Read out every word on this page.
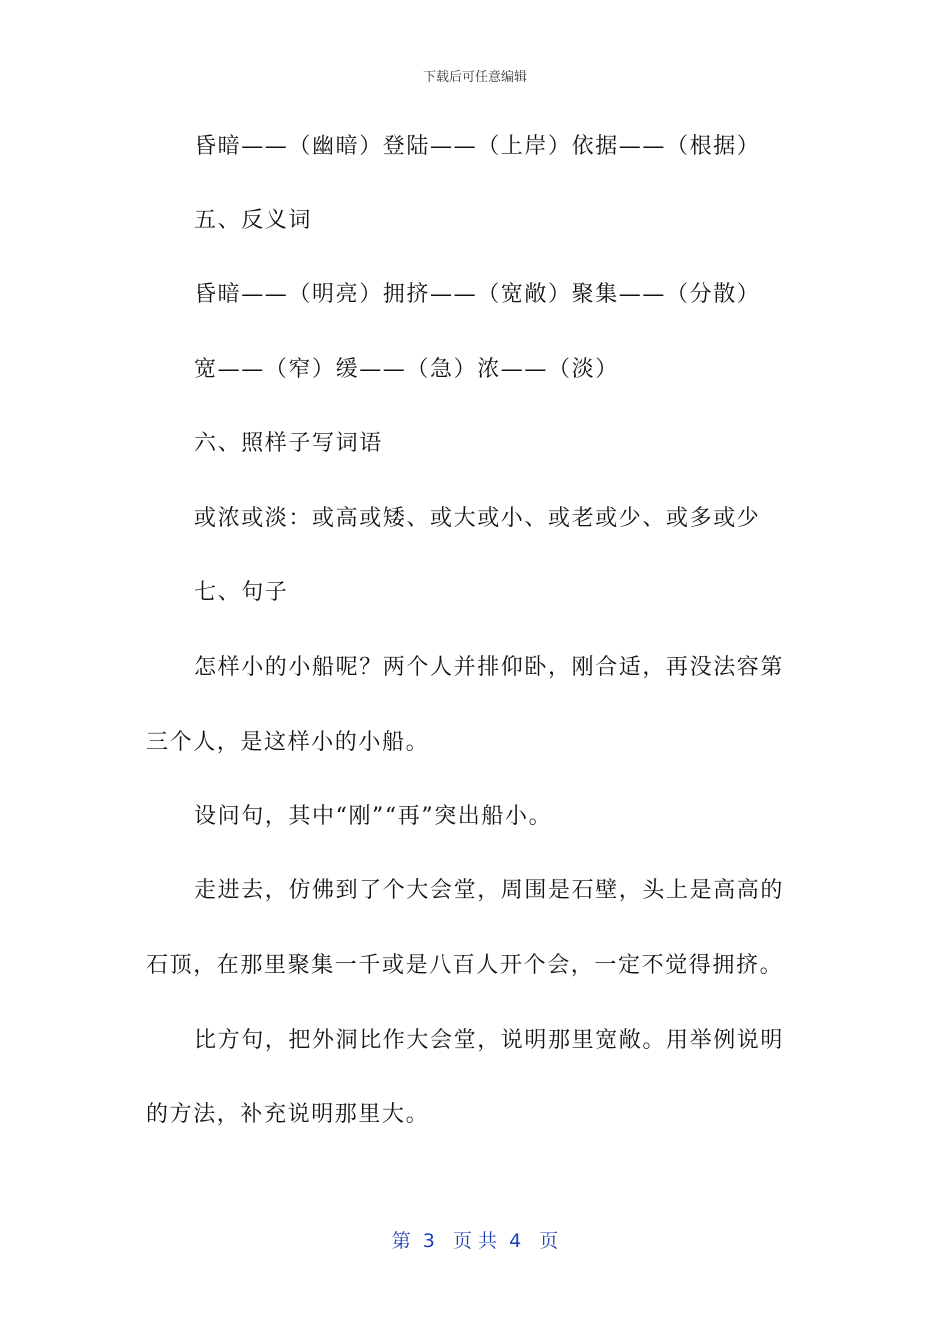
下载后可任意编辑
昏暗——（幽暗）登陆——（上岸）依据——（根据）
五、反义词
昏暗——（明亮）拥挤——（宽敞）聚集——（分散）
宽——（窄）缓——（急）浓——（淡）
六、照样子写词语
或浓或淡：或高或矮、或大或小、或老或少、或多或少
七、句子
怎样小的小船呢？两个人并排仰卧，刚合适，再没法容第
三个人，是这样小的小船。
设问句，其中“刚”“再”突出船小。
走进去，仿佛到了个大会堂，周围是石壁，头上是高高的
石顶，在那里聚集一千或是八百人开个会，一定不觉得拥挤。
比方句，把外洞比作大会堂，说明那里宽敞。用举例说明
的方法，补充说明那里大。
第  3   页 共  4   页
